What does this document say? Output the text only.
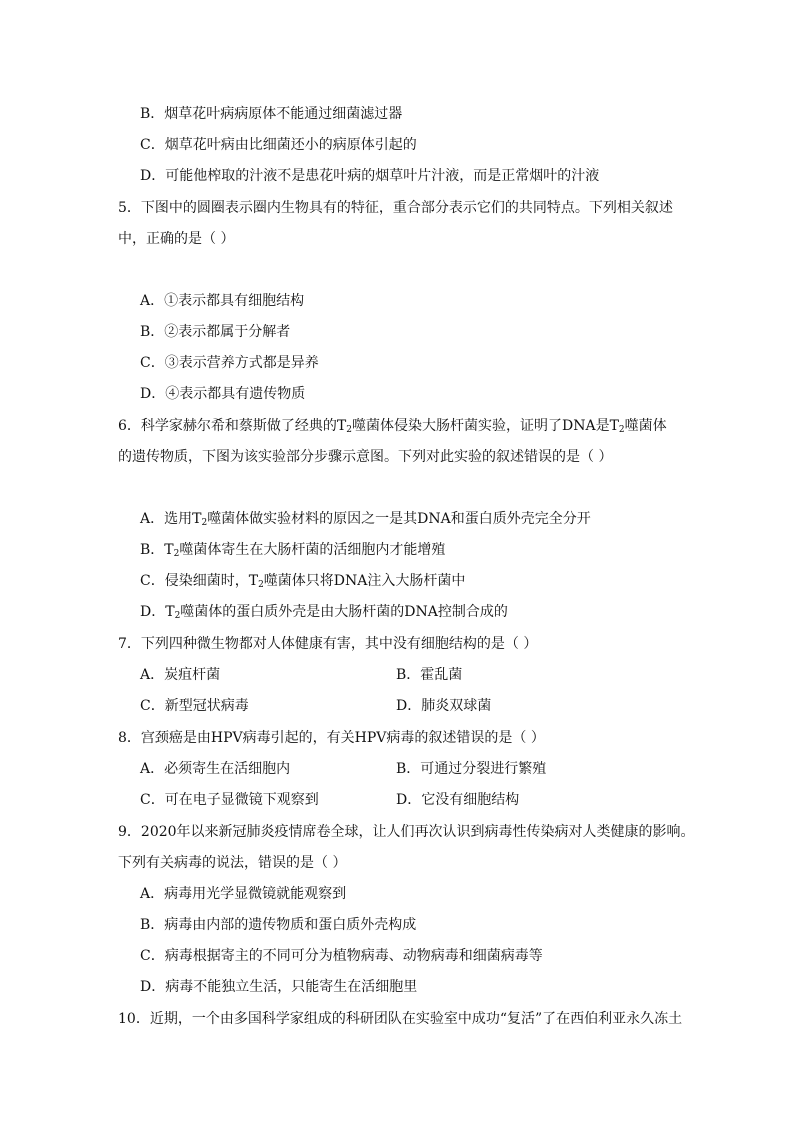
B．烟草花叶病病原体不能通过细菌滤过器
C．烟草花叶病由比细菌还小的病原体引起的
D．可能他榨取的汁液不是患花叶病的烟草叶片汁液，而是正常烟叶的汁液
5．下图中的圆圈表示圈内生物具有的特征，重合部分表示它们的共同特点。下列相关叙述
中，正确的是（ ）
A．①表示都具有细胞结构
B．②表示都属于分解者
C．③表示营养方式都是异养
D．④表示都具有遗传物质
6．科学家赫尔希和蔡斯做了经典的$T_2$噬菌体侵染大肠杆菌实验，证明了DNA是$T_2$噬菌体
的遗传物质，下图为该实验部分步骤示意图。下列对此实验的叙述错误的是（ ）
A．选用$T_2$噬菌体做实验材料的原因之一是其DNA和蛋白质外壳完全分开
B．$T_2$噬菌体寄生在大肠杆菌的活细胞内才能增殖
C．侵染细菌时，$T_2$噬菌体只将DNA注入大肠杆菌中
D．$T_2$噬菌体的蛋白质外壳是由大肠杆菌的DNA控制合成的
7．下列四种微生物都对人体健康有害，其中没有细胞结构的是（ ）
A．炭疽杆菌	B．霍乱菌
C．新型冠状病毒	D．肺炎双球菌
8．宫颈癌是由HPV病毒引起的，有关HPV病毒的叙述错误的是（ ）
A．必须寄生在活细胞内	B．可通过分裂进行繁殖
C．可在电子显微镜下观察到	D．它没有细胞结构
9．2020年以来新冠肺炎疫情席卷全球，让人们再次认识到病毒性传染病对人类健康的影响。
下列有关病毒的说法，错误的是（ ）
A．病毒用光学显微镜就能观察到
B．病毒由内部的遗传物质和蛋白质外壳构成
C．病毒根据寄主的不同可分为植物病毒、动物病毒和细菌病毒等
D．病毒不能独立生活，只能寄生在活细胞里
10．近期，一个由多国科学家组成的科研团队在实验室中成功“复活”了在西伯利亚永久冻土
